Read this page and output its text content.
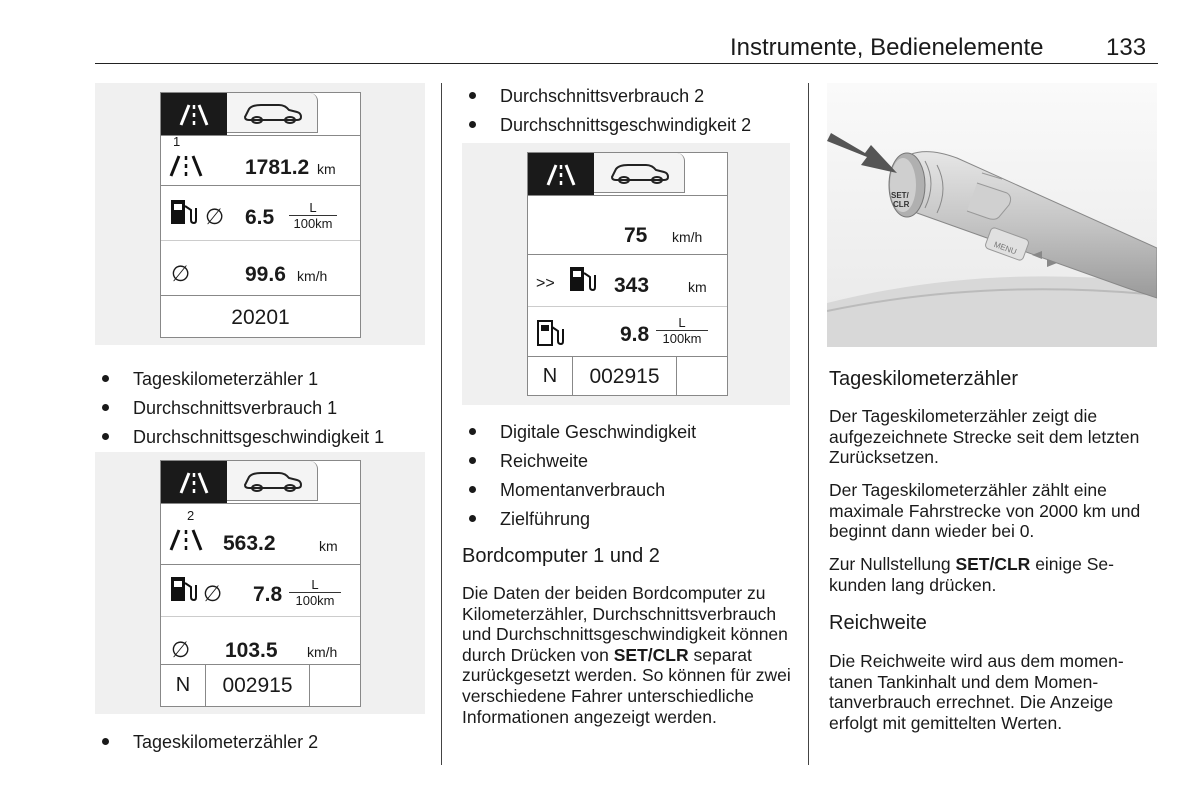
Instrumente, Bedienelemente	133
1
1781.2 km
∅ $6.5 \frac{L}{100km}$
∅	99.6 km/h
20201
Tageskilometerzähler 1
Durchschnittsverbrauch 1
Durchschnittsgeschwindigkeit 1
2
563.2	km
∅ $7.8 \frac{L}{100km}$
∅ 103.5 km/h
N	002915
Tageskilometerzähler 2
Durchschnittsverbrauch 2
Durchschnittsgeschwindigkeit 2
75 km/h
>>	343	km
$9.8 \frac{L}{100km}$
N	002915
Digitale Geschwindigkeit
Reichweite
Momentanverbrauch
Zielführung
Bordcomputer 1 und 2

Die Daten der beiden Bordcomputer zu Kilometerzähler, Durchschnittsverbrauch und Durchschnittsgeschwindigkeit können durch Drücken von SET/CLR separat zurückgesetzt werden. So können für zwei verschiedene Fahrer unterschiedliche Informationen angezeigt werden.

SET/
CLR
MENU
Tageskilometerzähler

Der Tageskilometerzähler zeigt die aufgezeichnete Strecke seit dem letzten Zurücksetzen.

Der Tageskilometerzähler zählt eine maximale Fahrstrecke von 2000 km und beginnt dann wieder bei 0.

Zur Nullstellung SET/CLR einige Sekunden lang drücken.

Reichweite

Die Reichweite wird aus dem momentanen Tankinhalt und dem Momentanverbrauch errechnet. Die Anzeige erfolgt mit gemittelten Werten.
